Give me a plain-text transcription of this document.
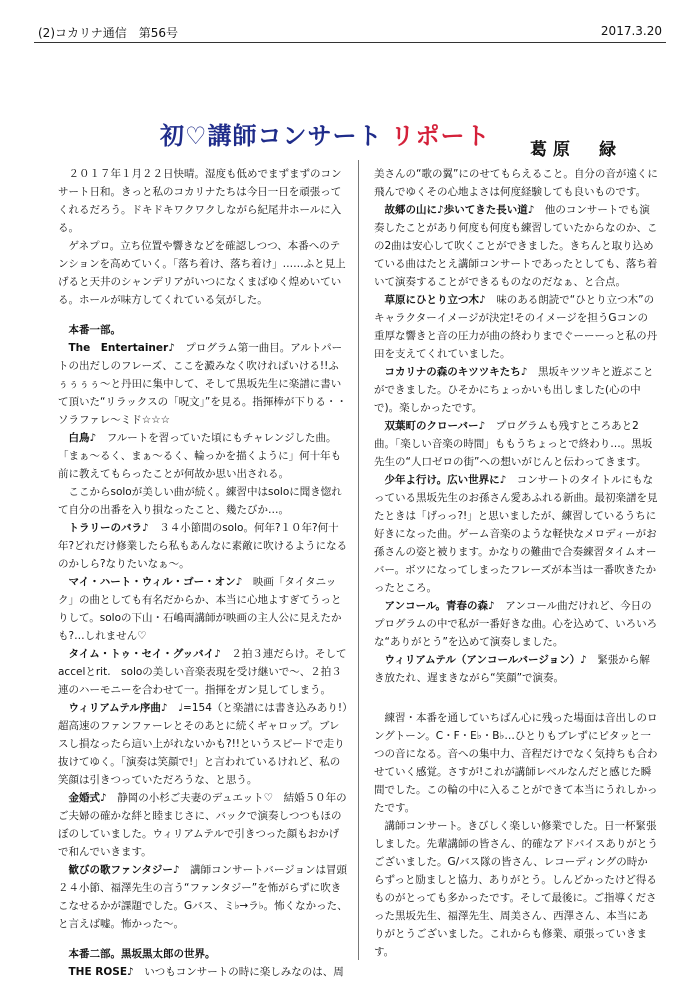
(2)コカリナ通信　第56号	2017.3.20
初♡講師コンサート リポート 葛原　緑

２０１７年１月２２日快晴。湿度も低めでまずまずのコンサート日和。きっと私のコカリナたちは今日一日を頑張ってくれるだろう。ドキドキワクワクしながら紀尾井ホールに入る。

ゲネプロ。立ち位置や響きなどを確認しつつ、本番へのテンションを高めていく。「落ち着け、落ち着け」……ふと見上げると天井のシャンデリアがいつになくまばゆく煌めいている。ホールが味方してくれている気がした。

本番一部。

The　Entertainer♪　 プログラム第一曲目。アルトパートの出だしのフレーズ、ここを澱みなく吹ければいける!!ふぅぅぅぅ〜と丹田に集中して、そして黒坂先生に楽譜に書いて頂いた“リラックスの「呪文」”を見る。指揮棒が下りる・・ソラファレ〜ミド☆☆☆

白鳥♪　 フルートを習っていた頃にもチャレンジした曲。「まぁ〜るく、まぁ〜るく、輪っかを描くように」何十年も前に教えてもらったことが何故か思い出される。

ここからsoloが美しい曲が続く。練習中はsoloに聞き惚れて自分の出番を入り損なったこと、幾たびか…。

トラリーのバラ♪　 ３４小節間のsolo。何年?１０年?何十年?どれだけ修業したら私もあんなに素敵に吹けるようになるのかしら?なりたいなぁ〜。

マイ・ハート・ウィル・ゴー・オン♪　 映画「タイタニック」の曲としても有名だからか、本当に心地よすぎてうっとりして。soloの下山・石嶋両講師が映画の主人公に見えたかも?…しれません♡

タイム・トゥ・セイ・グッバイ♪　 ２拍３連だらけ。そしてaccelとrit.　soloの美しい音楽表現を受け継いで〜、２拍３連のハーモニーを合わせて一。指揮をガン見してしまう。

ウィリアムテル序曲♪　 ♩=154（と楽譜には書き込みあり!）超高速のファンファーレとそのあとに続くギャロップ。ブレスし損なったら這い上がれないかも?!!というスピードで走り抜けてゆく。「演奏は笑顔で!」と言われているけれど、私の笑顔は引きつっていただろうな、と思う。

金婚式♪　 静岡の小杉ご夫妻のデュエット♡　結婚５０年のご夫婦の確かな絆と睦まじさに、バックで演奏しつつもほのぼのしていました。ウィリアムテルで引きつった顔もおかげで和んでいきます。

歓びの歌ファンタジー♪　 講師コンサートバージョンは冒頭２４小節、福澤先生の言う“ファンタジー”を怖がらずに吹きこなせるかが課題でした。Gバス、ミ♭→ラ♭。怖くなかった、と言えば嘘。怖かった〜。

本番二部。黒坂黒太郎の世界。

THE ROSE♪　 いつもコンサートの時に楽しみなのは、周

美さんの“歌の翼”にのせてもらえること。自分の音が遠くに飛んでゆくその心地よさは何度経験しても良いものです。

故郷の山に♪歩いてきた長い道♪　 他のコンサートでも演奏したことがあり何度も何度も練習していたからなのか、この2曲は安心して吹くことができました。きちんと取り込めている曲はたとえ講師コンサートであったとしても、落ち着いて演奏することができるものなのだなぁ、と合点。

草原にひとり立つ木♪　 味のある朗読で“ひとり立つ木”のキャラクターイメージが決定!そのイメージを担うGコンの重厚な響きと音の圧力が曲の終わりまでぐーーーっと私の丹田を支えてくれていました。

コカリナの森のキツツキたち♪　 黒坂キツツキと遊ぶことができました。ひそかにちょっかいも出しました(心の中で)。楽しかったです。

双葉町のクローバー♪　 プログラムも残すところあと2曲。「楽しい音楽の時間」ももうちょっとで終わり…。黒坂先生の“人口ゼロの街”への想いがじんと伝わってきます。

少年よ行け。広い世界に♪　 コンサートのタイトルにもなっている黒坂先生のお孫さん愛あふれる新曲。最初楽譜を見たときは「げっっ?!」と思いましたが、練習しているうちに好きになった曲。ゲーム音楽のような軽快なメロディーがお孫さんの姿と被ります。かなりの難曲で合奏練習タイムオーバー。ボツになってしまったフレーズが本当は一番吹きたかったところ。

アンコール。青春の森♪　 アンコール曲だけれど、今日のプログラムの中で私が一番好きな曲。心を込めて、いろいろな“ありがとう”を込めて演奏しました。

ウィリアムテル（アンコールバージョン）♪　 緊張から解き放たれ、遅まきながら“笑顔”で演奏。

練習・本番を通していちばん心に残った場面は音出しのロングトーン。C・F・E♭・B♭…ひとりもブレずにピタッと一つの音になる。音への集中力、音程だけでなく気持ちも合わせていく感覚。さすが!これが講師レベルなんだと感じた瞬間でした。この輪の中に入ることができて本当にうれしかったです。

講師コンサート。きびしく楽しい修業でした。日一杯緊張しました。先輩講師の皆さん、的確なアドバイスありがとうございました。G/バス隊の皆さん、レコーディングの時からずっと励ましと協力、ありがとう。しんどかったけど得るものがとっても多かったです。そして最後に。ご指導くださった黒坂先生、福澤先生、周美さん、西澤さん、本当にありがとうございました。これからも修業、頑張っていきます。
